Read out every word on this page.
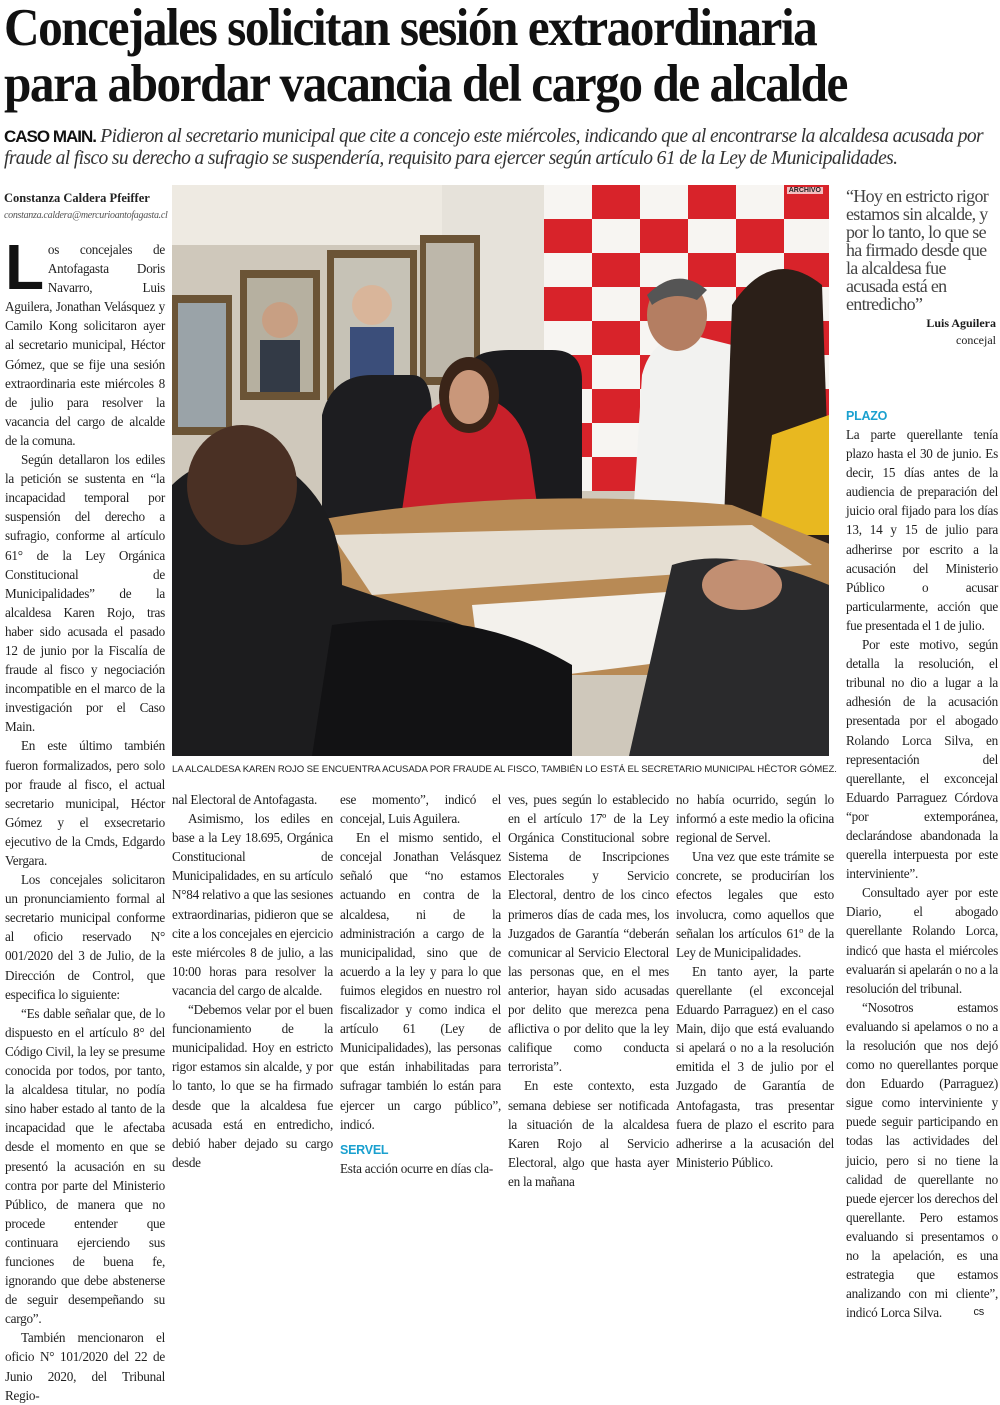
Concejales solicitan sesión extraordinaria
para abordar vacancia del cargo de alcalde
CASO MAIN. Pidieron al secretario municipal que cite a concejo este miércoles, indicando que al encontrarse la alcaldesa acusada por fraude al fisco su derecho a sufragio se suspendería, requisito para ejercer según artículo 61 de la Ley de Municipalidades.
Constanza Caldera Pfeiffer
constanza.caldera@mercurioantofagasta.cl
ARCHIVO
LA ALCALDESA KAREN ROJO SE ENCUENTRA ACUSADA POR FRAUDE AL FISCO, TAMBIÉN LO ESTÁ EL SECRETARIO MUNICIPAL HÉCTOR GÓMEZ.
“Hoy en estricto rigor estamos sin alcalde, y por lo tanto, lo que se ha firmado desde que la alcaldesa fue acusada está en entredicho”
Luis Aguilera
concejal

Los concejales de Antofagasta Doris Navarro, Luis Aguilera, Jonathan Velásquez y Camilo Kong solicitaron ayer al secretario municipal, Héctor Gómez, que se fije una sesión extraordinaria este miércoles 8 de julio para resolver la vacancia del cargo de alcalde de la comuna.

Según detallaron los ediles la petición se sustenta en “la incapacidad temporal por suspensión del derecho a sufragio, conforme al artículo 61° de la Ley Orgánica Constitucional de Municipalidades” de la alcaldesa Karen Rojo, tras haber sido acusada el pasado 12 de junio por la Fiscalía de fraude al fisco y negociación incompatible en el marco de la investigación por el Caso Main.

En este último también fueron formalizados, pero solo por fraude al fisco, el actual secretario municipal, Héctor Gómez y el exsecretario ejecutivo de la Cmds, Edgardo Vergara.

Los concejales solicitaron un pronunciamiento formal al secretario municipal conforme al oficio reservado N° 001/2020 del 3 de Julio, de la Dirección de Control, que especifica lo siguiente:

“Es dable señalar que, de lo dispuesto en el artículo 8° del Código Civil, la ley se presume conocida por todos, por tanto, la alcaldesa titular, no podía sino haber estado al tanto de la incapacidad que le afectaba desde el momento en que se presentó la acusación en su contra por parte del Ministerio Público, de manera que no procede entender que continuara ejerciendo sus funciones de buena fe, ignorando que debe abstenerse de seguir desempeñando su cargo”.

También mencionaron el oficio N° 101/2020 del 22 de Junio 2020, del Tribunal Regio-

nal Electoral de Antofagasta.

Asimismo, los ediles en base a la Ley 18.695, Orgánica Constitucional de Municipalidades, en su artículo N°84 relativo a que las sesiones extraordinarias, pidieron que se cite a los concejales en ejercicio este miércoles 8 de julio, a las 10:00 horas para resolver la vacancia del cargo de alcalde.

“Debemos velar por el buen funcionamiento de la municipalidad. Hoy en estricto rigor estamos sin alcalde, y por lo tanto, lo que se ha firmado desde que la alcaldesa fue acusada está en entredicho, debió haber dejado su cargo desde

ese momento”, indicó el concejal, Luis Aguilera.

En el mismo sentido, el concejal Jonathan Velásquez señaló que “no estamos actuando en contra de la alcaldesa, ni de la administración a cargo de la municipalidad, sino que de acuerdo a la ley y para lo que fuimos elegidos en nuestro rol fiscalizador y como indica el artículo 61 (Ley de Municipalidades), las personas que están inhabilitadas para sufragar también lo están para ejercer un cargo público”, indicó.

SERVEL

Esta acción ocurre en días cla-

ves, pues según lo establecido en el artículo 17º de la Ley Orgánica Constitucional sobre Sistema de Inscripciones Electorales y Servicio Electoral, dentro de los cinco primeros días de cada mes, los Juzgados de Garantía “deberán comunicar al Servicio Electoral las personas que, en el mes anterior, hayan sido acusadas por delito que merezca pena aflictiva o por delito que la ley califique como conducta terrorista”.

En este contexto, esta semana debiese ser notificada la situación de la alcaldesa Karen Rojo al Servicio Electoral, algo que hasta ayer en la mañana

no había ocurrido, según lo informó a este medio la oficina regional de Servel.

Una vez que este trámite se concrete, se producirían los efectos legales que esto involucra, como aquellos que señalan los artículos 61º de la Ley de Municipalidades.

En tanto ayer, la parte querellante (el exconcejal Eduardo Parraguez) en el caso Main, dijo que está evaluando si apelará o no a la resolución emitida el 3 de julio por el Juzgado de Garantía de Antofagasta, tras presentar fuera de plazo el escrito para adherirse a la acusación del Ministerio Público.

PLAZO

La parte querellante tenía plazo hasta el 30 de junio. Es decir, 15 días antes de la audiencia de preparación del juicio oral fijado para los días 13, 14 y 15 de julio para adherirse por escrito a la acusación del Ministerio Público o acusar particularmente, acción que fue presentada el 1 de julio.

Por este motivo, según detalla la resolución, el tribunal no dio a lugar a la adhesión de la acusación presentada por el abogado Rolando Lorca Silva, en representación del querellante, el exconcejal Eduardo Parraguez Córdova “por extemporánea, declarándose abandonada la querella interpuesta por este interviniente”.

Consultado ayer por este Diario, el abogado querellante Rolando Lorca, indicó que hasta el miércoles evaluarán si apelarán o no a la resolución del tribunal.

“Nosotros estamos evaluando si apelamos o no a la resolución que nos dejó como no querellantes porque don Eduardo (Parraguez) sigue como interviniente y puede seguir participando en todas las actividades del juicio, pero si no tiene la calidad de querellante no puede ejercer los derechos del querellante. Pero estamos evaluando si presentamos o no la apelación, es una estrategia que estamos analizando con mi cliente”, indicó Lorca Silva.	cs
